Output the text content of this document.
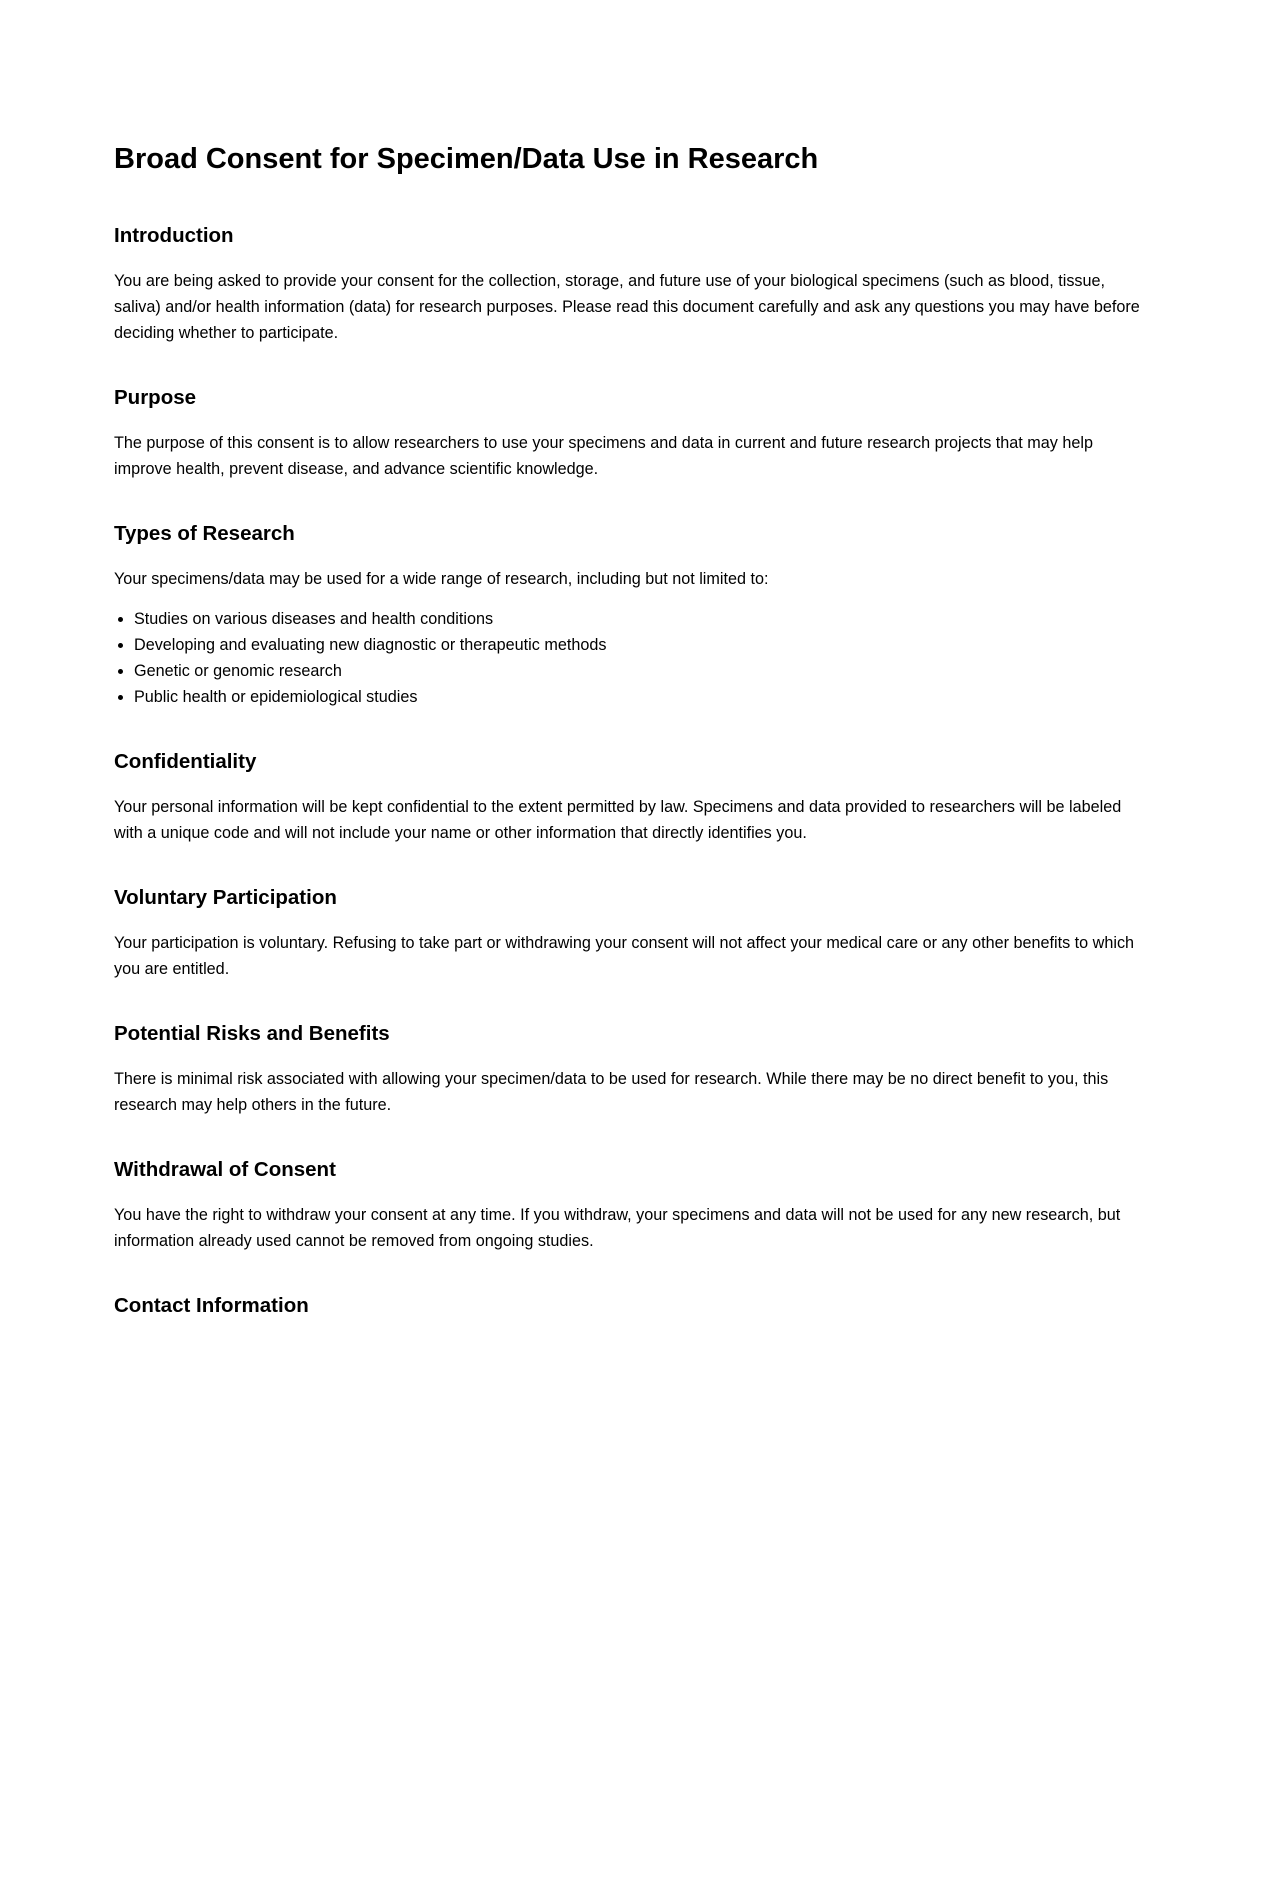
Broad Consent for Specimen/Data Use in Research
Introduction

You are being asked to provide your consent for the collection, storage, and future use of your biological specimens (such as blood, tissue, saliva) and/or health information (data) for research purposes. Please read this document carefully and ask any questions you may have before deciding whether to participate.

Purpose

The purpose of this consent is to allow researchers to use your specimens and data in current and future research projects that may help improve health, prevent disease, and advance scientific knowledge.

Types of Research

Your specimens/data may be used for a wide range of research, including but not limited to:

• Studies on various diseases and health conditions
• Developing and evaluating new diagnostic or therapeutic methods
• Genetic or genomic research
• Public health or epidemiological studies
Confidentiality

Your personal information will be kept confidential to the extent permitted by law. Specimens and data provided to researchers will be labeled with a unique code and will not include your name or other information that directly identifies you.

Voluntary Participation

Your participation is voluntary. Refusing to take part or withdrawing your consent will not affect your medical care or any other benefits to which you are entitled.

Potential Risks and Benefits

There is minimal risk associated with allowing your specimen/data to be used for research. While there may be no direct benefit to you, this research may help others in the future.

Withdrawal of Consent

You have the right to withdraw your consent at any time. If you withdraw, your specimens and data will not be used for any new research, but information already used cannot be removed from ongoing studies.

Contact Information
